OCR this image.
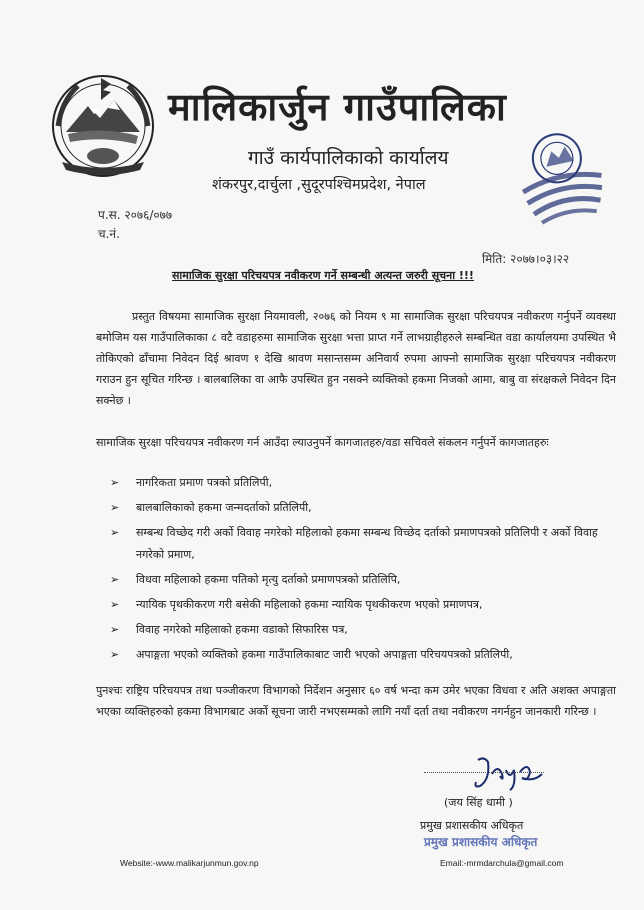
मालिकार्जुन गाउँपालिका
गाउँ कार्यपालिकाको कार्यालय
शंकरपुर,दार्चुला ,सुदूरपश्चिमप्रदेश, नेपाल
प.स. २०७६/०७७
च.नं.
मिति: २०७७।०३।२२
सामाजिक सुरक्षा परिचयपत्र नवीकरण गर्ने सम्बन्धी अत्यन्त जरुरी सूचना !!!
प्रस्तुत विषयमा सामाजिक सुरक्षा नियमावली, २०७६ को नियम ९ मा सामाजिक सुरक्षा परिचयपत्र नवीकरण गर्नुपर्ने व्यवस्था बमोजिम यस गाउँपालिकाका ८ वटै वडाहरुमा सामाजिक सुरक्षा भत्ता प्राप्त गर्ने लाभग्राहीहरुले सम्बन्धित वडा कार्यालयमा उपस्थित भै तोकिएको ढाँचामा निवेदन दिई श्रावण १ देखि श्रावण मसान्तसम्म अनिवार्य रुपमा आफ्नो सामाजिक सुरक्षा परिचयपत्र नवीकरण गराउन हुन सूचित गरिन्छ । बालबालिका वा आफै उपस्थित हुन नसक्ने व्यक्तिको हकमा निजको आमा, बाबु वा संरक्षकले निवेदन दिन सक्नेछ ।
सामाजिक सुरक्षा परिचयपत्र नवीकरण गर्न आउँदा ल्याउनुपर्ने कागजातहरु/वडा सचिवले संकलन गर्नुपर्ने कागजातहरुः
➢ नागरिकता प्रमाण पत्रको प्रतिलिपी,
➢ बालबालिकाको हकमा जन्मदर्ताको प्रतिलिपी,
➢ सम्बन्ध विच्छेद गरी अर्को विवाह नगरेको महिलाको हकमा सम्बन्ध विच्छेद दर्ताको प्रमाणपत्रको प्रतिलिपी र अर्को विवाह नगरेको प्रमाण,
➢ विधवा महिलाको हकमा पतिको मृत्यु दर्ताको प्रमाणपत्रको प्रतिलिपि,
➢ न्यायिक पृथकीकरण गरी बसेकी महिलाको हकमा न्यायिक पृथकीकरण भएको प्रमाणपत्र,
➢ विवाह नगरेको महिलाको हकमा वडाको सिफारिस पत्र,
➢ अपाङ्गता भएको व्यक्तिको हकमा गाउँपालिकाबाट जारी भएको अपाङ्गता परिचयपत्रको प्रतिलिपी,
पुनश्चः राष्ट्रिय परिचयपत्र तथा पञ्जीकरण विभागको निर्देशन अनुसार ६० वर्ष भन्दा कम उमेर भएका विधवा र अति अशक्त अपाङ्गता भएका व्यक्तिहरुको हकमा विभागबाट अर्को सूचना जारी नभएसम्मको लागि नयाँ दर्ता तथा नवीकरण नगर्नहुन जानकारी गरिन्छ ।
(जय सिंह धामी )
प्रमुख प्रशासकीय अधिकृत
प्रमुख प्रशासकीय अधिकृत
Website:-www.malikarjunmun.gov.np	Email:-mrmdarchula@gmail.com
